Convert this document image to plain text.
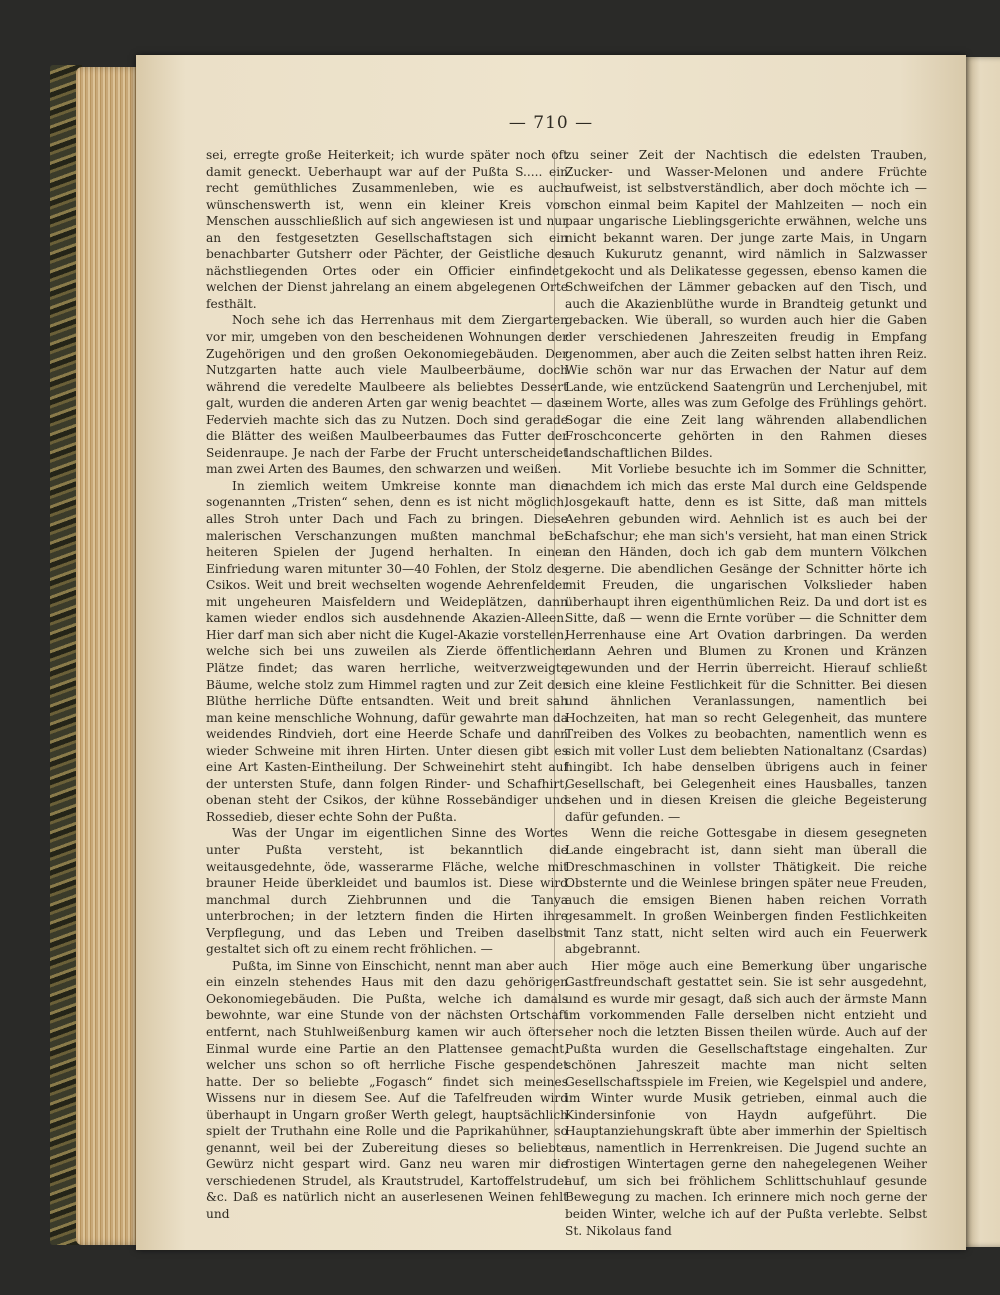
— 710 —

sei, erregte große Heiterkeit; ich wurde später noch oft damit geneckt. Ueberhaupt war auf der Pußta S..... ein recht gemüthliches Zusammenleben, wie es auch wünschenswerth ist, wenn ein kleiner Kreis von Menschen ausschließlich auf sich angewiesen ist und nur an den festgesetzten Gesellschaftstagen sich ein benachbarter Gutsherr oder Pächter, der Geistliche des nächstliegenden Ortes oder ein Officier einfindet, welchen der Dienst jahrelang an einem abgelegenen Orte festhält.

Noch sehe ich das Herrenhaus mit dem Ziergarten vor mir, umgeben von den bescheidenen Wohnungen der Zugehörigen und den großen Oekonomiegebäuden. Der Nutzgarten hatte auch viele Maulbeerbäume, doch während die veredelte Maulbeere als beliebtes Dessert galt, wurden die anderen Arten gar wenig beachtet — das Federvieh machte sich das zu Nutzen. Doch sind gerade die Blätter des weißen Maulbeerbaumes das Futter der Seidenraupe. Je nach der Farbe der Frucht unterscheidet man zwei Arten des Baumes, den schwarzen und weißen.

In ziemlich weitem Umkreise konnte man die sogenannten „Tristen“ sehen, denn es ist nicht möglich, alles Stroh unter Dach und Fach zu bringen. Diese malerischen Verschanzungen mußten manchmal bei heiteren Spielen der Jugend herhalten. In einer Einfriedung waren mitunter 30—40 Fohlen, der Stolz des Csikos. Weit und breit wechselten wogende Aehrenfelder mit ungeheuren Maisfeldern und Weideplätzen, dann kamen wieder endlos sich ausdehnende Akazien-Alleen. Hier darf man sich aber nicht die Kugel-Akazie vorstellen, welche sich bei uns zuweilen als Zierde öffentlicher Plätze findet; das waren herrliche, weitverzweigte Bäume, welche stolz zum Himmel ragten und zur Zeit der Blüthe herrliche Düfte entsandten. Weit und breit sah man keine menschliche Wohnung, dafür gewahrte man da weidendes Rindvieh, dort eine Heerde Schafe und dann wieder Schweine mit ihren Hirten. Unter diesen gibt es eine Art Kasten-Eintheilung. Der Schweinehirt steht auf der untersten Stufe, dann folgen Rinder- und Schafhirt, obenan steht der Csikos, der kühne Rossebändiger und Rossedieb, dieser echte Sohn der Pußta.

Was der Ungar im eigentlichen Sinne des Wortes unter Pußta versteht, ist bekanntlich die weitausgedehnte, öde, wasserarme Fläche, welche mit brauner Heide überkleidet und baumlos ist. Diese wird manchmal durch Ziehbrunnen und die Tanya unterbrochen; in der letztern finden die Hirten ihre Verpflegung, und das Leben und Treiben daselbst gestaltet sich oft zu einem recht fröhlichen. —

Pußta, im Sinne von Einschicht, nennt man aber auch ein einzeln stehendes Haus mit den dazu gehörigen Oekonomiegebäuden. Die Pußta, welche ich damals bewohnte, war eine Stunde von der nächsten Ortschaft entfernt, nach Stuhlweißenburg kamen wir auch öfters. Einmal wurde eine Partie an den Plattensee gemacht, welcher uns schon so oft herrliche Fische gespendet hatte. Der so beliebte „Fogasch“ findet sich meines Wissens nur in diesem See. Auf die Tafelfreuden wird überhaupt in Ungarn großer Werth gelegt, hauptsächlich spielt der Truthahn eine Rolle und die Paprikahühner, so genannt, weil bei der Zubereitung dieses so beliebte Gewürz nicht gespart wird. Ganz neu waren mir die verschiedenen Strudel, als Krautstrudel, Kartoffelstrudel &c. Daß es natürlich nicht an auserlesenen Weinen fehlt und

zu seiner Zeit der Nachtisch die edelsten Trauben, Zucker- und Wasser-Melonen und andere Früchte aufweist, ist selbstverständlich, aber doch möchte ich — schon einmal beim Kapitel der Mahlzeiten — noch ein paar ungarische Lieblingsgerichte erwähnen, welche uns nicht bekannt waren. Der junge zarte Mais, in Ungarn auch Kukurutz genannt, wird nämlich in Salzwasser gekocht und als Delikatesse gegessen, ebenso kamen die Schweifchen der Lämmer gebacken auf den Tisch, und auch die Akazienblüthe wurde in Brandteig getunkt und gebacken. Wie überall, so wurden auch hier die Gaben der verschiedenen Jahreszeiten freudig in Empfang genommen, aber auch die Zeiten selbst hatten ihren Reiz. Wie schön war nur das Erwachen der Natur auf dem Lande, wie entzückend Saatengrün und Lerchenjubel, mit einem Worte, alles was zum Gefolge des Frühlings gehört. Sogar die eine Zeit lang währenden allabendlichen Froschconcerte gehörten in den Rahmen dieses landschaftlichen Bildes.

Mit Vorliebe besuchte ich im Sommer die Schnitter, nachdem ich mich das erste Mal durch eine Geldspende losgekauft hatte, denn es ist Sitte, daß man mittels Aehren gebunden wird. Aehnlich ist es auch bei der Schafschur; ehe man sich's versieht, hat man einen Strick an den Händen, doch ich gab dem muntern Völkchen gerne. Die abendlichen Gesänge der Schnitter hörte ich mit Freuden, die ungarischen Volkslieder haben überhaupt ihren eigenthümlichen Reiz. Da und dort ist es Sitte, daß — wenn die Ernte vorüber — die Schnitter dem Herrenhause eine Art Ovation darbringen. Da werden dann Aehren und Blumen zu Kronen und Kränzen gewunden und der Herrin überreicht. Hierauf schließt sich eine kleine Festlichkeit für die Schnitter. Bei diesen und ähnlichen Veranlassungen, namentlich bei Hochzeiten, hat man so recht Gelegenheit, das muntere Treiben des Volkes zu beobachten, namentlich wenn es sich mit voller Lust dem beliebten Nationaltanz (Csardas) hingibt. Ich habe denselben übrigens auch in feiner Gesellschaft, bei Gelegenheit eines Hausballes, tanzen sehen und in diesen Kreisen die gleiche Begeisterung dafür gefunden. —

Wenn die reiche Gottesgabe in diesem gesegneten Lande eingebracht ist, dann sieht man überall die Dreschmaschinen in vollster Thätigkeit. Die reiche Obsternte und die Weinlese bringen später neue Freuden, auch die emsigen Bienen haben reichen Vorrath gesammelt. In großen Weinbergen finden Festlichkeiten mit Tanz statt, nicht selten wird auch ein Feuerwerk abgebrannt.

Hier möge auch eine Bemerkung über ungarische Gastfreundschaft gestattet sein. Sie ist sehr ausgedehnt, und es wurde mir gesagt, daß sich auch der ärmste Mann im vorkommenden Falle derselben nicht entzieht und eher noch die letzten Bissen theilen würde. Auch auf der Pußta wurden die Gesellschaftstage eingehalten. Zur schönen Jahreszeit machte man nicht selten Gesellschaftsspiele im Freien, wie Kegelspiel und andere, im Winter wurde Musik getrieben, einmal auch die Kindersinfonie von Haydn aufgeführt. Die Hauptanziehungskraft übte aber immerhin der Spieltisch aus, namentlich in Herrenkreisen. Die Jugend suchte an frostigen Wintertagen gerne den nahegelegenen Weiher auf, um sich bei fröhlichem Schlittschuhlauf gesunde Bewegung zu machen. Ich erinnere mich noch gerne der beiden Winter, welche ich auf der Pußta verlebte. Selbst St. Nikolaus fand
